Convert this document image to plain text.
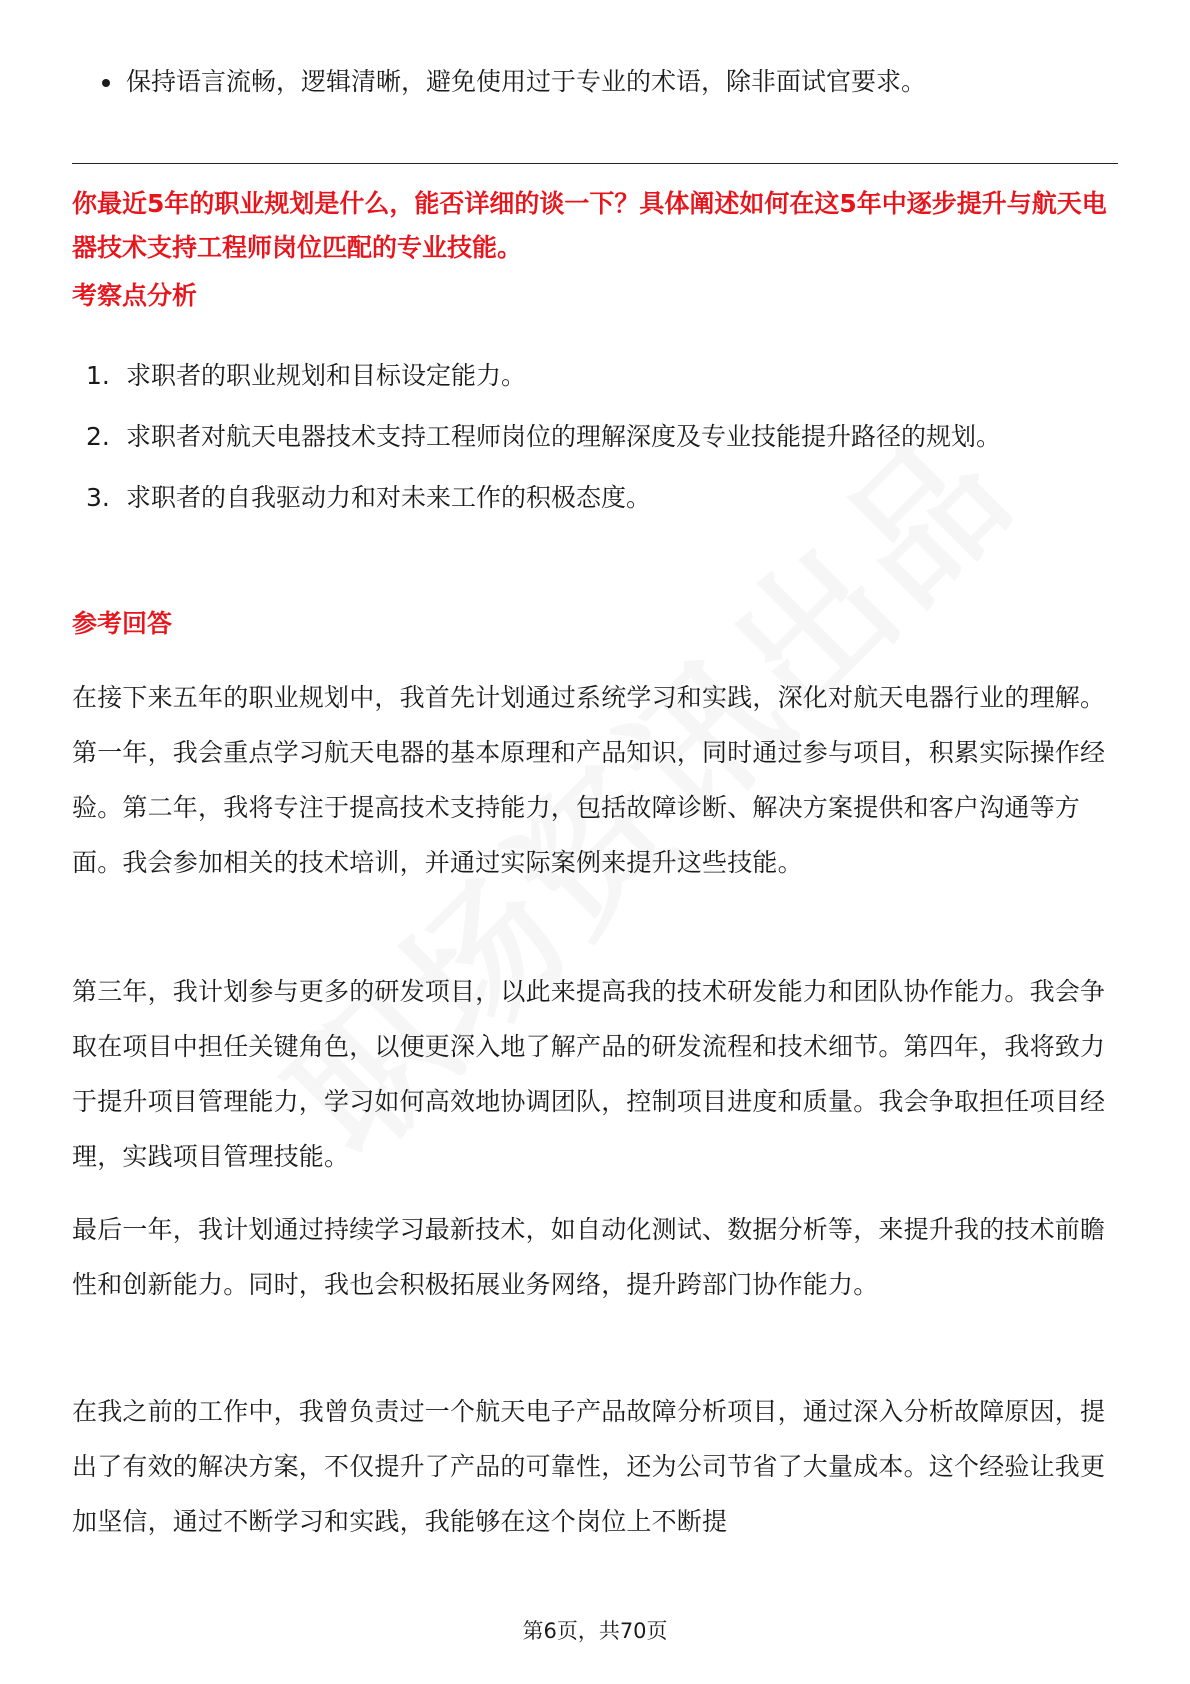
保持语言流畅，逻辑清晰，避免使用过于专业的术语，除非面试官要求。

你最近5年的职业规划是什么，能否详细的谈一下？具体阐述如何在这5年中逐步提升与航天电器技术支持工程师岗位匹配的专业技能。

考察点分析
1. 求职者的职业规划和目标设定能力。
2. 求职者对航天电器技术支持工程师岗位的理解深度及专业技能提升路径的规划。
3. 求职者的自我驱动力和对未来工作的积极态度。
参考回答

在接下来五年的职业规划中，我首先计划通过系统学习和实践，深化对航天电器行业的理解。第一年，我会重点学习航天电器的基本原理和产品知识，同时通过参与项目，积累实际操作经验。第二年，我将专注于提高技术支持能力，包括故障诊断、解决方案提供和客户沟通等方面。我会参加相关的技术培训，并通过实际案例来提升这些技能。

第三年，我计划参与更多的研发项目，以此来提高我的技术研发能力和团队协作能力。我会争取在项目中担任关键角色，以便更深入地了解产品的研发流程和技术细节。第四年，我将致力于提升项目管理能力，学习如何高效地协调团队，控制项目进度和质量。我会争取担任项目经理，实践项目管理技能。

最后一年，我计划通过持续学习最新技术，如自动化测试、数据分析等，来提升我的技术前瞻性和创新能力。同时，我也会积极拓展业务网络，提升跨部门协作能力。

在我之前的工作中，我曾负责过一个航天电子产品故障分析项目，通过深入分析故障原因，提出了有效的解决方案，不仅提升了产品的可靠性，还为公司节省了大量成本。这个经验让我更加坚信，通过不断学习和实践，我能够在这个岗位上不断提

第6页，共70页
